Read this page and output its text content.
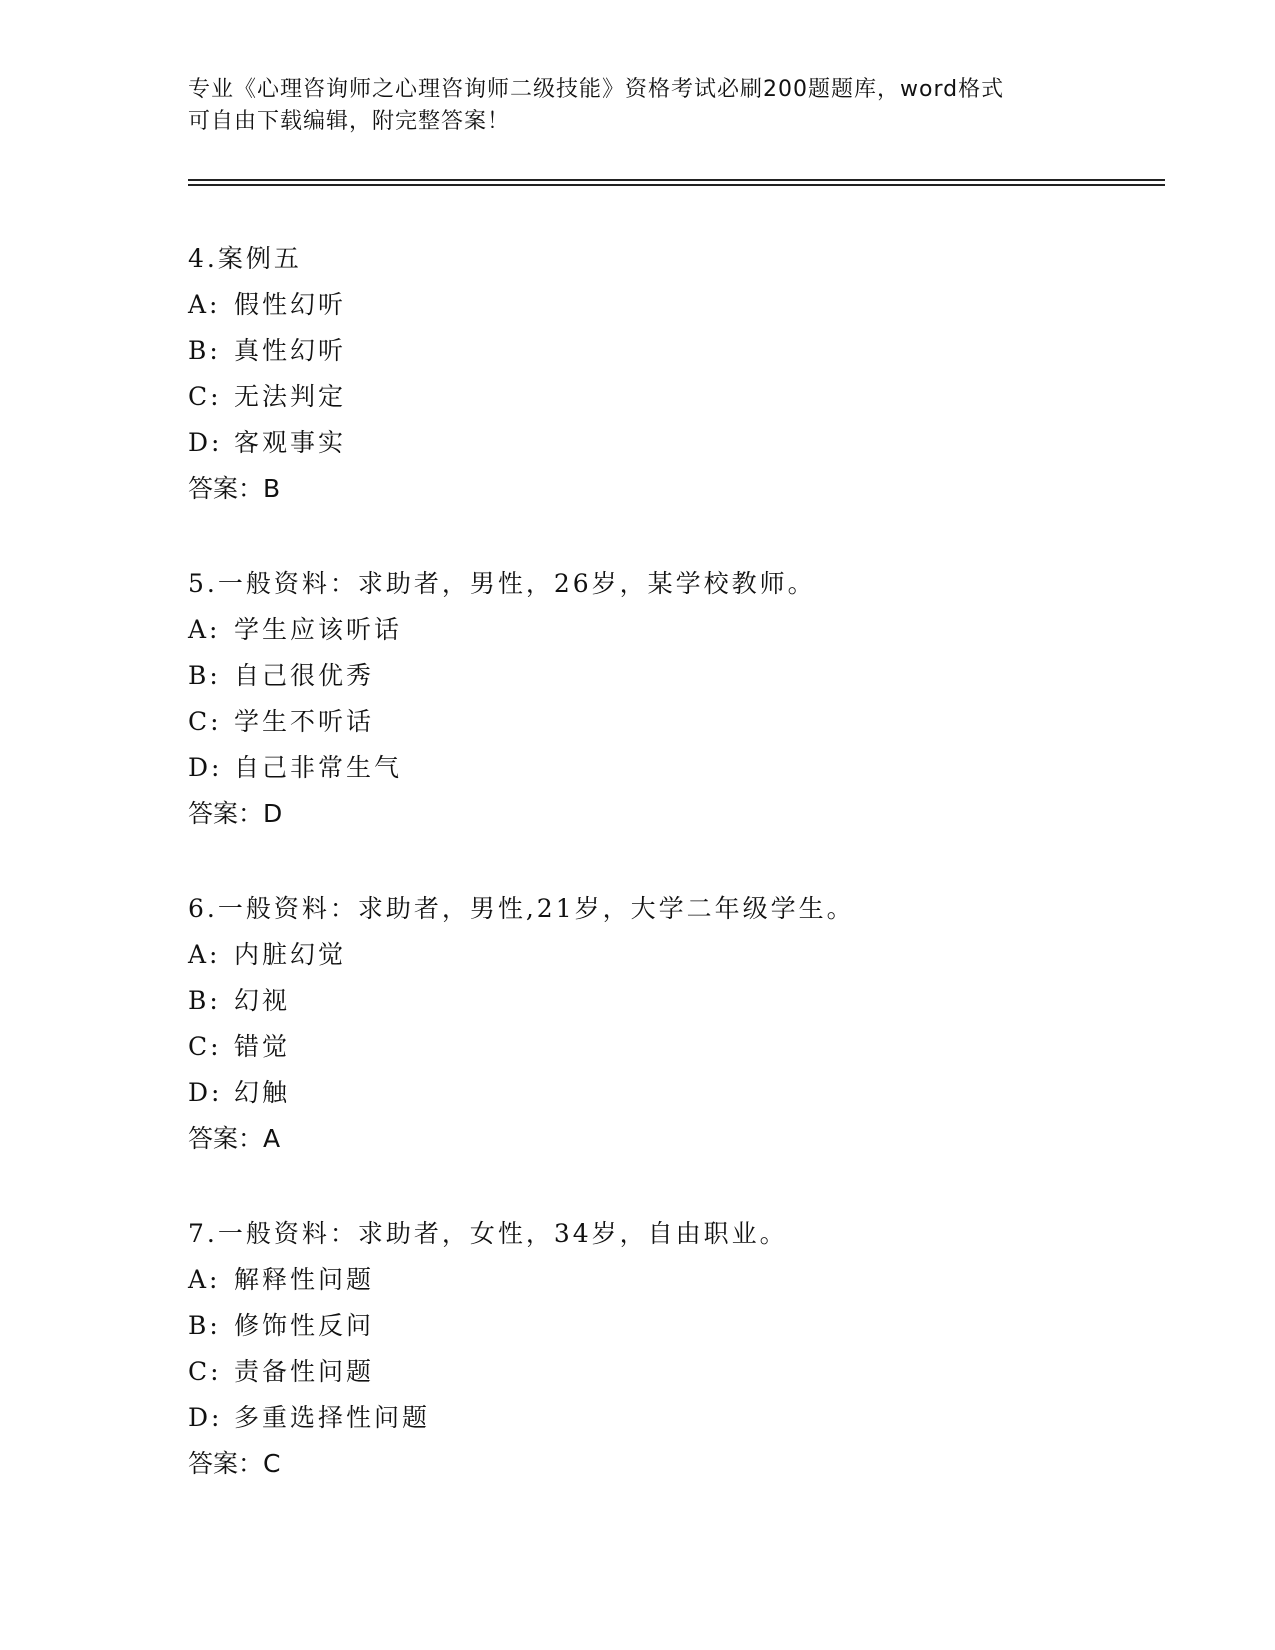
专业《心理咨询师之心理咨询师二级技能》资格考试必刷200题题库，word格式
可自由下载编辑，附完整答案！
4.案例五
A: 假性幻听
B: 真性幻听
C: 无法判定
D: 客观事实
答案：B
5.一般资料：求助者，男性，26岁，某学校教师。
A: 学生应该听话
B: 自己很优秀
C: 学生不听话
D: 自己非常生气
答案：D
6.一般资料：求助者，男性,21岁，大学二年级学生。
A: 内脏幻觉
B: 幻视
C: 错觉
D: 幻触
答案：A
7.一般资料：求助者，女性，34岁，自由职业。
A: 解释性问题
B: 修饰性反问
C: 责备性问题
D: 多重选择性问题
答案：C
